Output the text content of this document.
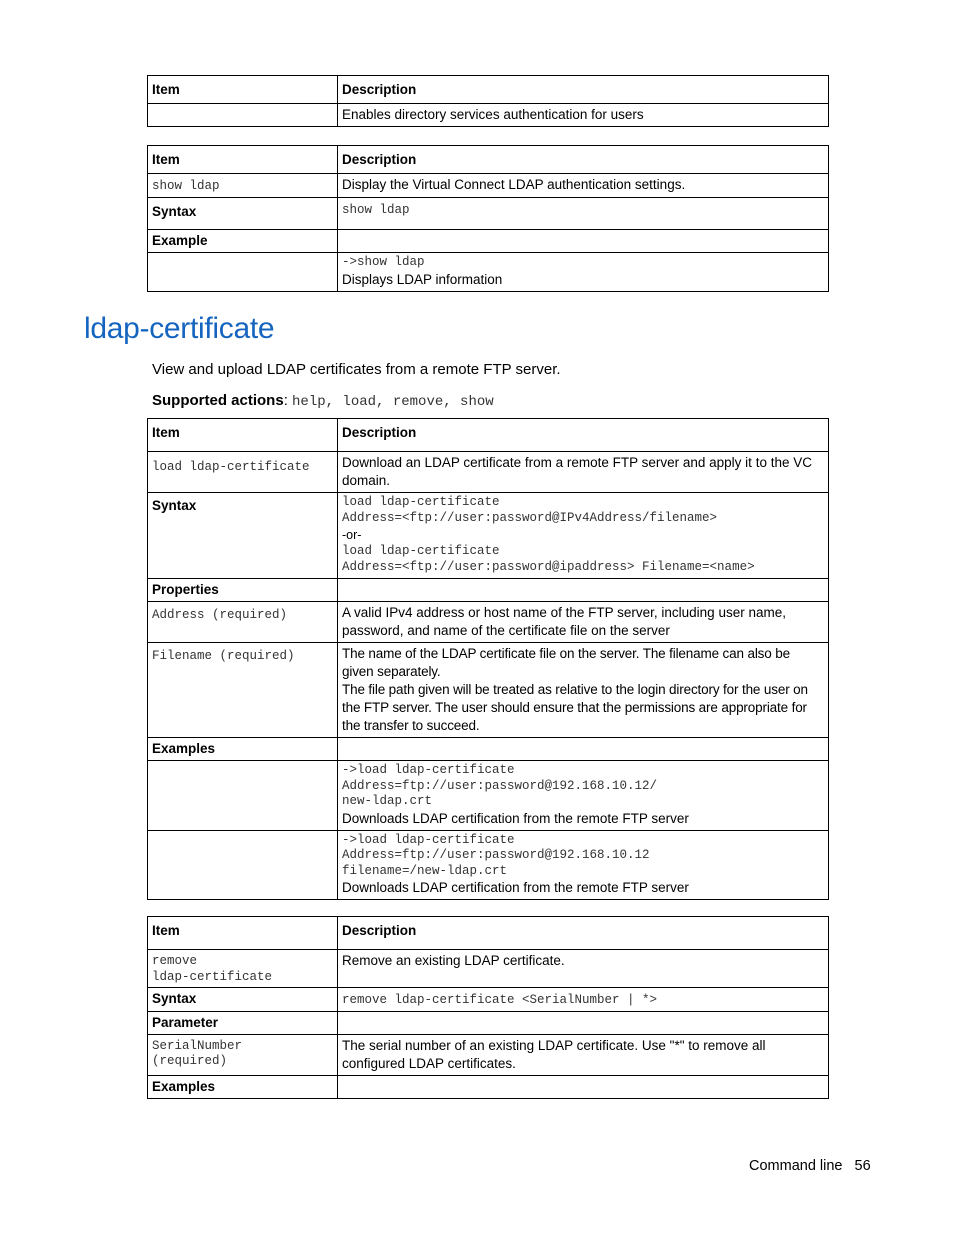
Item	Description
	Enables directory services authentication for users
Item	Description
show ldap	Display the Virtual Connect LDAP authentication settings.
Syntax	show ldap
Example	

	->show ldap
Displays LDAP information
ldap-certificate
View and upload LDAP certificates from a remote FTP server.
Supported actions: help, load, remove, show
Item	Description
load ldap-certificate	Download an LDAP certificate from a remote FTP server and apply it to the VC domain.
Syntax	load ldap-certificate
Address=<ftp://user:password@IPv4Address/filename>
-or-
load ldap-certificate
Address=<ftp://user:password@ipaddress> Filename=<name>

Properties	
Address (required)	A valid IPv4 address or host name of the FTP server, including user name, password, and name of the certificate file on the server
Filename (required)	The name of the LDAP certificate file on the server. The filename can also be given separately.
The file path given will be treated as relative to the login directory for the user on the FTP server. The user should ensure that the permissions are appropriate for the transfer to succeed.

Examples	

	->load ldap-certificate
Address=ftp://user:password@192.168.10.12/
new-ldap.crt
Downloads LDAP certification from the remote FTP server

	->load ldap-certificate
Address=ftp://user:password@192.168.10.12
filename=/new-ldap.crt
Downloads LDAP certification from the remote FTP server
Item	Description

remove
ldap-certificate	Remove an existing LDAP certificate.
Syntax	remove ldap-certificate <SerialNumber | *>
Parameter	

SerialNumber
(required)	The serial number of an existing LDAP certificate. Use "*" to remove all configured LDAP certificates.
Examples	
Command line 56
